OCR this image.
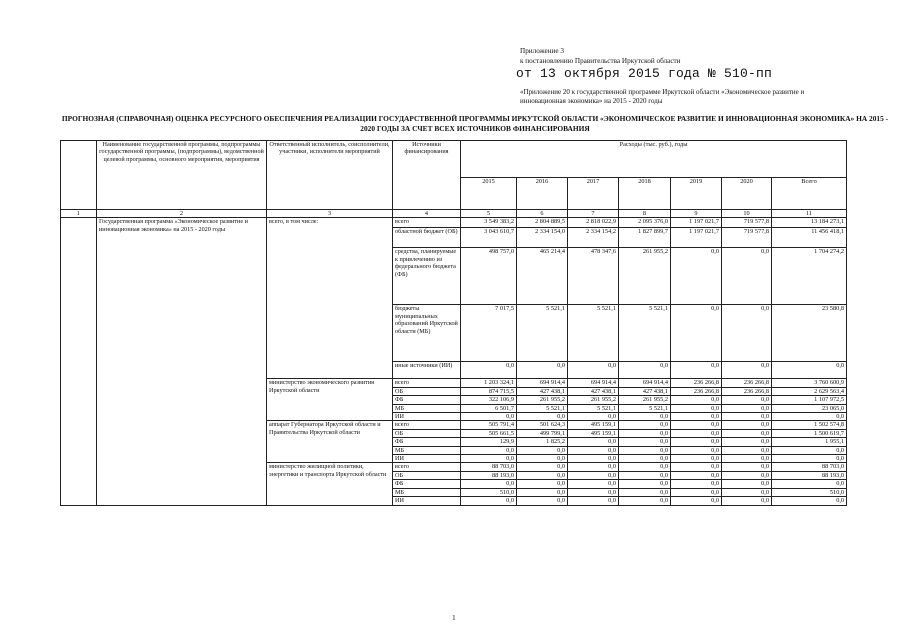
Приложение 3
к постановлению Правительства Иркутской области
от 13 октября 2015 года № 510-пп
«Приложение 20 к государственной программе Иркутской области «Экономическое развитие и инновационная экономика» на 2015 - 2020 годы
ПРОГНОЗНАЯ (СПРАВОЧНАЯ) ОЦЕНКА РЕСУРСНОГО ОБЕСПЕЧЕНИЯ РЕАЛИЗАЦИИ ГОСУДАРСТВЕННОЙ ПРОГРАММЫ ИРКУТСКОЙ ОБЛАСТИ «ЭКОНОМИЧЕСКОЕ РАЗВИТИЕ И ИННОВАЦИОННАЯ ЭКОНОМИКА» НА 2015 - 2020 ГОДЫ ЗА СЧЕТ ВСЕХ ИСТОЧНИКОВ ФИНАНСИРОВАНИЯ
	Наименование государственной программы, подпрограммы государственной программы, (подпрограммы), ведомственной целевой программы, основного мероприятия, мероприятия	Ответственный исполнитель, соисполнители, участники, исполнители мероприятий	Источники финансирования	Расходы (тыс. руб.), годы						
				2015	2016	2017	2018	2019	2020	Всего
1	2	3	4	5	6	7	8	9	10	11
	Государственная программа «Экономическое развитие и инновационная экономика» на 2015 - 2020 годы	всего, в том числе:	всего	3 549 383,2	2 804 889,5	2 818 022,9	2 095 376,0	1 197 021,7	719 577,8	13 184 273,1
			областной бюджет (ОБ)	3 043 610,7	2 334 154,0	2 334 154,2	1 827 899,7	1 197 021,7	719 577,8	11 456 418,1
			средства, планируемые к привлечению из федерального бюджета (ФБ)	498 757,0	465 214,4	478 347,6	261 955,2	0,0	0,0	1 704 274,2
			бюджеты муниципальных образований Иркутской области (МБ)	7 017,5	5 521,1	5 521,1	5 521,1	0,0	0,0	23 580,8
			иные источники (ИИ)	0,0	0,0	0,0	0,0	0,0	0,0	0,0
		министерство экономического развития Иркутской области	всего	1 203 324,1	694 914,4	694 914,4	694 914,4	236 266,8	236 266,8	3 760 600,9
			ОБ	874 715,5	427 438,1	427 438,1	427 438,1	236 266,8	236 266,8	2 629 563,4
			ФБ	322 106,9	261 955,2	261 955,2	261 955,2	0,0	0,0	1 107 972,5
			МБ	6 501,7	5 521,1	5 521,1	5 521,1	0,0	0,0	23 065,0
			ИИ	0,0	0,0	0,0	0,0	0,0	0,0	0,0
		аппарат Губернатора Иркутской области и Правительства Иркутской области	всего	505 791,4	501 624,3	495 159,1	0,0	0,0	0,0	1 502 574,8
			ОБ	505 661,5	499 799,1	495 159,1	0,0	0,0	0,0	1 500 619,7
			ФБ	129,9	1 825,2	0,0	0,0	0,0	0,0	1 955,1
			МБ	0,0	0,0	0,0	0,0	0,0	0,0	0,0
			ИИ	0,0	0,0	0,0	0,0	0,0	0,0	0,0
		министерство жилищной политики, энергетики и транспорта Иркутской области	всего	88 703,0	0,0	0,0	0,0	0,0	0,0	88 703,0
			ОБ	88 193,0	0,0	0,0	0,0	0,0	0,0	88 193,0
			ФБ	0,0	0,0	0,0	0,0	0,0	0,0	0,0
			МБ	510,0	0,0	0,0	0,0	0,0	0,0	510,0
			ИИ	0,0	0,0	0,0	0,0	0,0	0,0	0,0
1
